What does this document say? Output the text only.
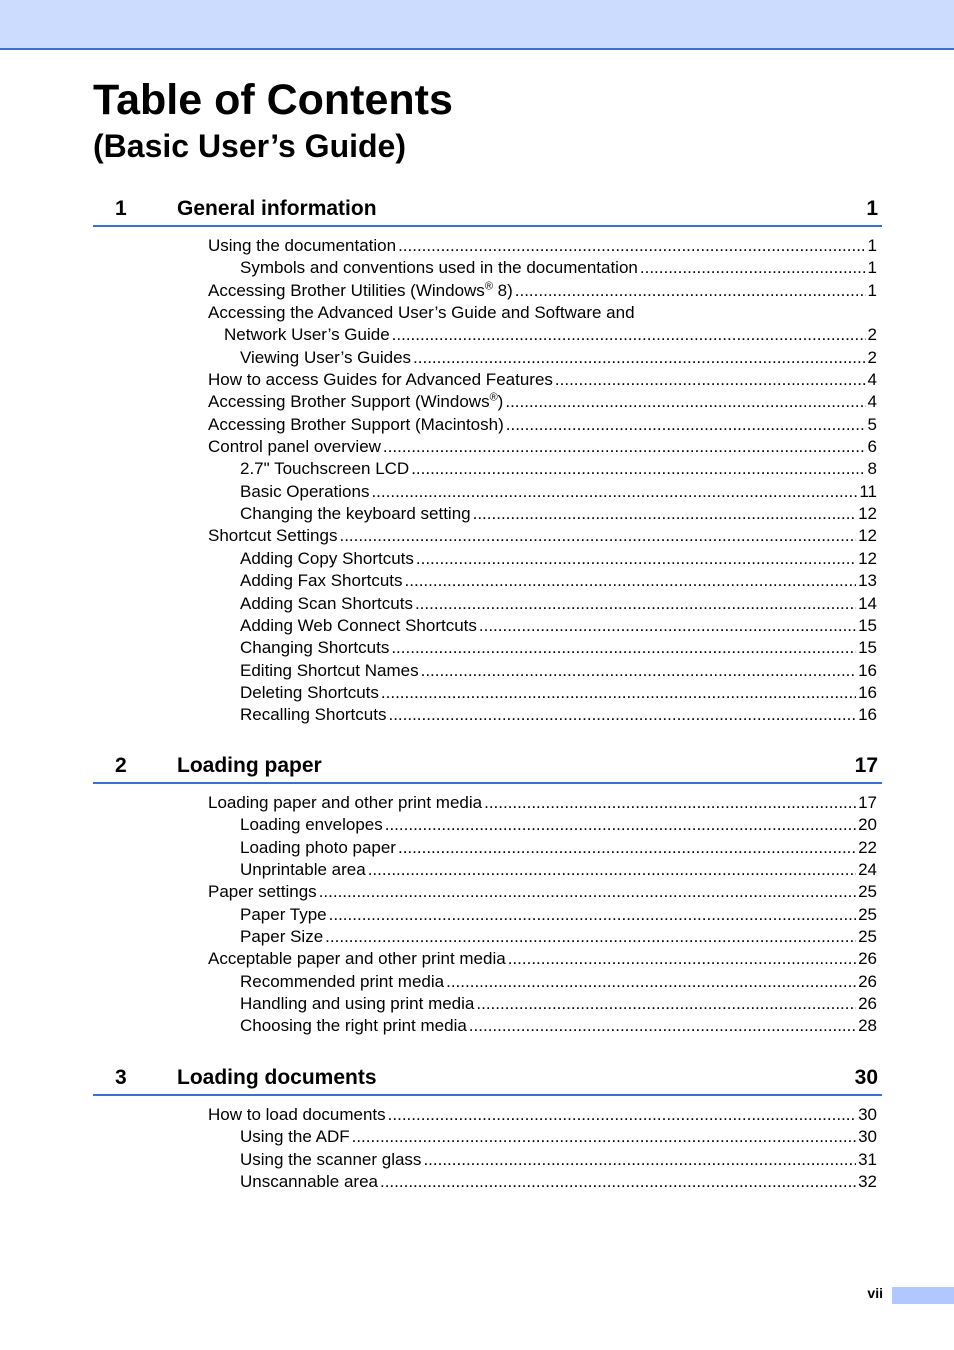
Table of Contents
(Basic User’s Guide)
1 General information	1
Using the documentation .....	1
Symbols and conventions used in the documentation .....	1
Accessing Brother Utilities (Windows® 8) .....	1
Accessing the Advanced User’s Guide and Software and
Network User’s Guide .....	2
Viewing User’s Guides .....	2
How to access Guides for Advanced Features .....	4
Accessing Brother Support (Windows®) .....	4
Accessing Brother Support (Macintosh) .....	5
Control panel overview .....	6
2.7" Touchscreen LCD .....	8
Basic Operations .....	11
Changing the keyboard setting .....	12
Shortcut Settings .....	12
Adding Copy Shortcuts .....	12
Adding Fax Shortcuts .....	13
Adding Scan Shortcuts .....	14
Adding Web Connect Shortcuts .....	15
Changing Shortcuts .....	15
Editing Shortcut Names .....	16
Deleting Shortcuts .....	16
Recalling Shortcuts .....	16
2 Loading paper	17
Loading paper and other print media .....	17
Loading envelopes .....	20
Loading photo paper .....	22
Unprintable area .....	24
Paper settings .....	25
Paper Type .....	25
Paper Size .....	25
Acceptable paper and other print media .....	26
Recommended print media .....	26
Handling and using print media .....	26
Choosing the right print media .....	28
3 Loading documents	30
How to load documents .....	30
Using the ADF .....	30
Using the scanner glass .....	31
Unscannable area .....	32
vii
